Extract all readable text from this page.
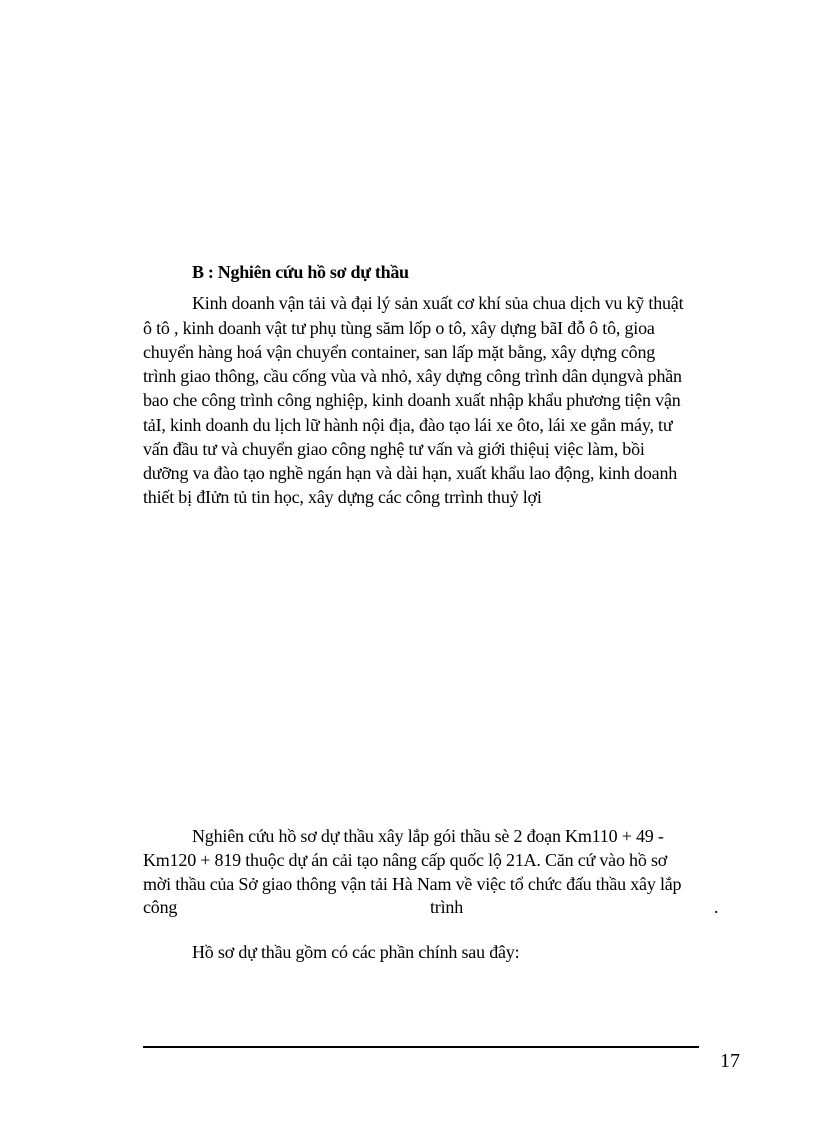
B : Nghiên cứu hồ sơ dự thầu
Kinh doanh vận tải và đại lý sản xuất cơ khí sủa chua dịch vu kỹ thuật
ô tô , kinh doanh vật tư phụ tùng săm lốp o tô, xây dựng bãI đỗ ô tô, gioa
chuyển hàng hoá vận chuyển container, san lấp mặt bằng, xây dựng công
trình giao thông, cầu cống vùa và nhỏ, xây dựng công trình dân dụngvà phần
bao che công trình công nghiệp, kinh doanh xuất nhập khẩu phương tiện vận
tảI, kinh doanh du lịch lữ hành nội địa, đào tạo lái xe ôto, lái xe gắn máy, tư
vấn đầu tư và chuyển giao công nghệ tư vấn và giới thiệuị việc làm, bồi
dưỡng va đào tạo nghề ngán hạn và dài hạn, xuất khẩu lao động, kinh doanh
thiết bị đIửn tủ tin học, xây dựng các công trrình thuỷ lợi
Nghiên cứu hồ sơ dự thầu xây lắp gói thầu sè 2 đoạn Km110 + 49 -
Km120 + 819 thuộc dự án cải tạo nâng cấp quốc lộ 21A. Căn cứ vào hồ sơ
mời thầu của Sở giao thông vận tải Hà Nam về việc tổ chức đấu thầu xây lắp
công	trình	.
Hồ sơ dự thầu gồm có các phần chính sau đây:
17
